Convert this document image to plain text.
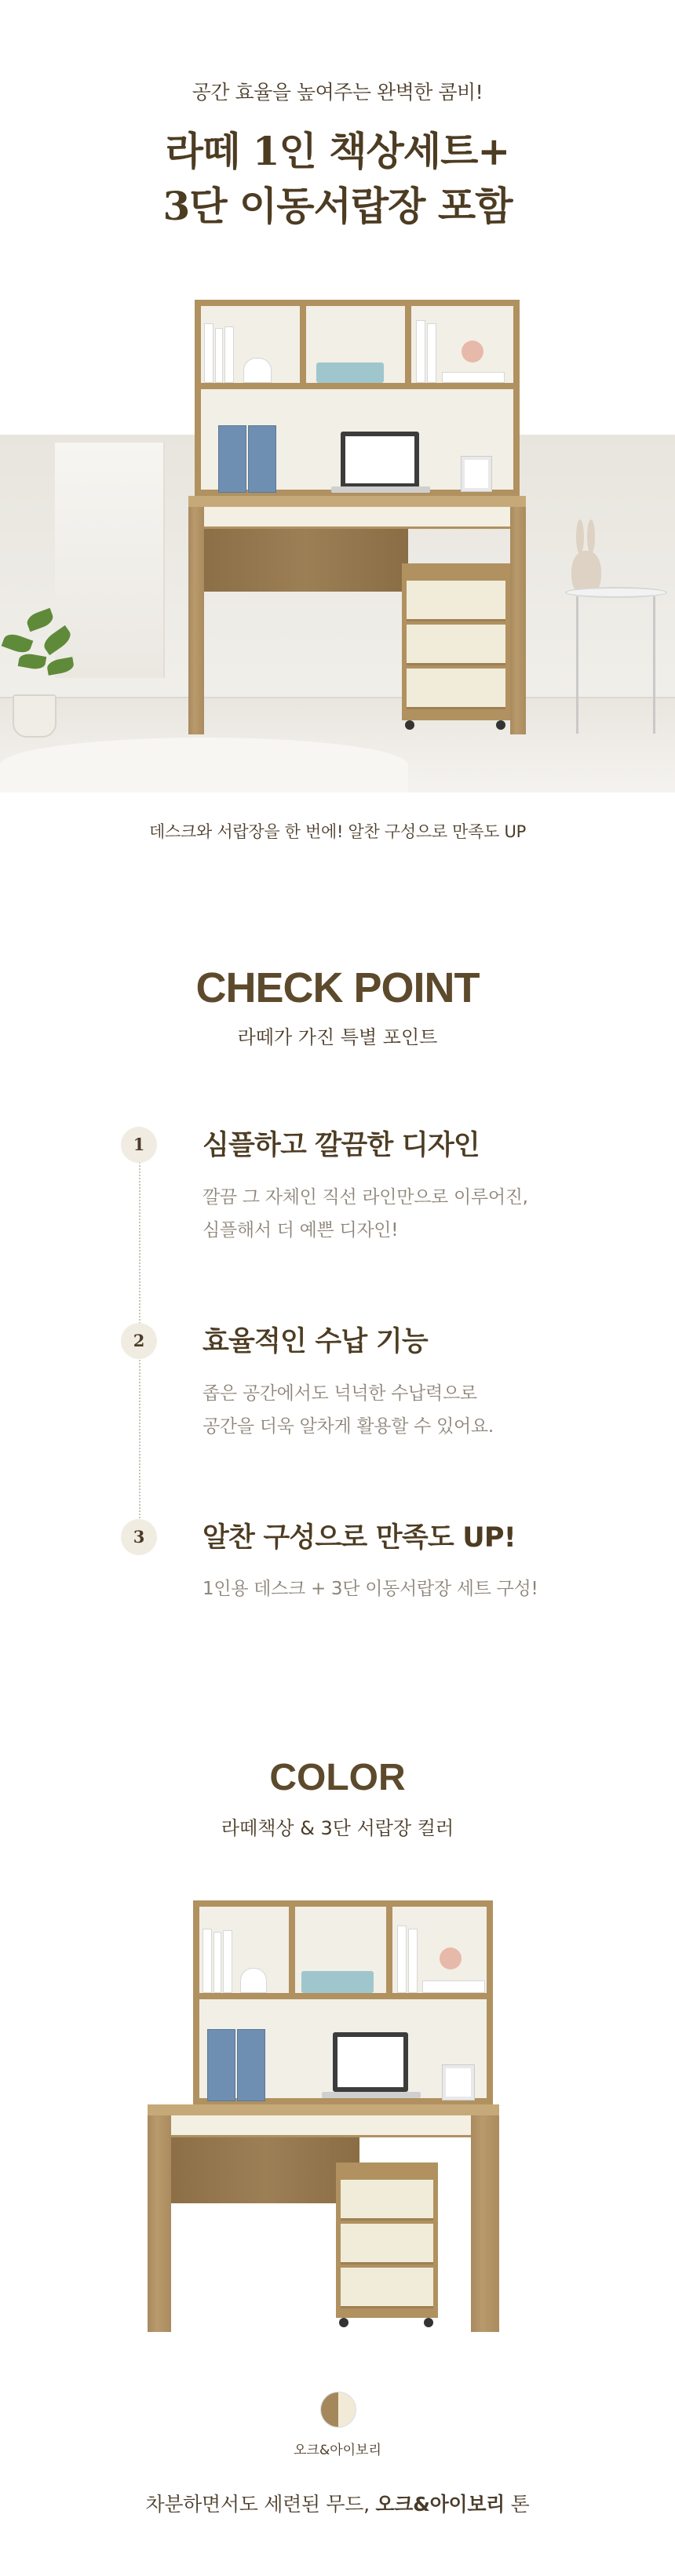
공간 효율을 높여주는 완벽한 콤비!
라떼 1인 책상세트+
3단 이동서랍장 포함
데스크와 서랍장을 한 번에! 알찬 구성으로 만족도 UP
CHECK POINT
라떼가 가진 특별 포인트
1	심플하고 깔끔한 디자인
깔끔 그 자체인 직선 라인만으로 이루어진,
심플해서 더 예쁜 디자인!
2	효율적인 수납 기능
좁은 공간에서도 넉넉한 수납력으로
공간을 더욱 알차게 활용할 수 있어요.
3	알찬 구성으로 만족도 UP!
1인용 데스크 + 3단 이동서랍장 세트 구성!
COLOR
라떼책상 & 3단 서랍장 컬러
오크&아이보리
차분하면서도 세련된 무드, 오크&아이보리 톤
